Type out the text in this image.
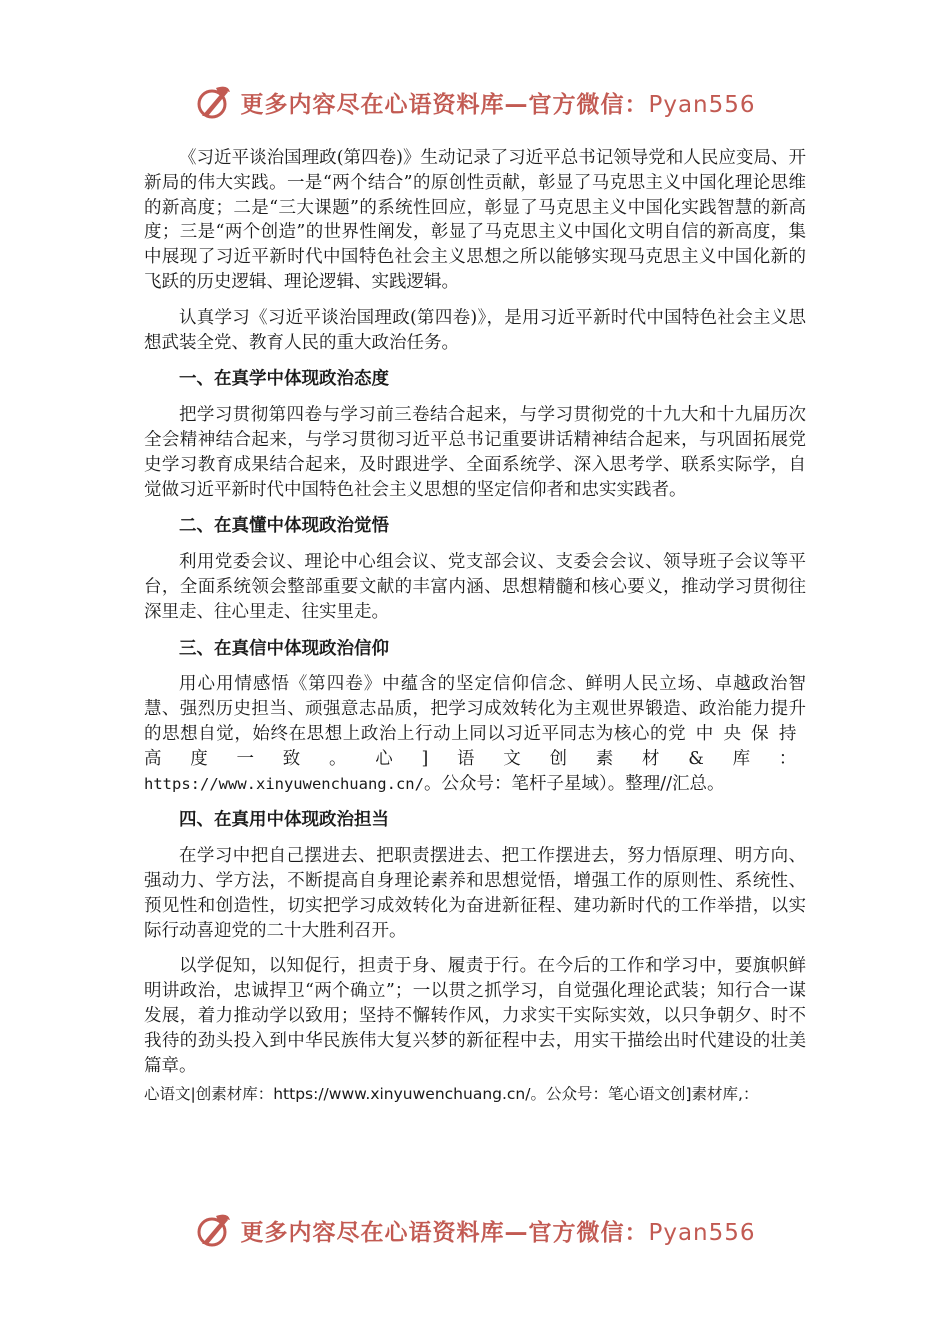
更多内容尽在心语资料库—官方微信：Pyan556

《习近平谈治国理政(第四卷)》生动记录了习近平总书记领导党和人民应变局、开新局的伟大实践。一是“两个结合”的原创性贡献，彰显了马克思主义中国化理论思维的新高度；二是“三大课题”的系统性回应，彰显了马克思主义中国化实践智慧的新高度；三是“两个创造”的世界性阐发，彰显了马克思主义中国化文明自信的新高度，集中展现了习近平新时代中国特色社会主义思想之所以能够实现马克思主义中国化新的飞跃的历史逻辑、理论逻辑、实践逻辑。

认真学习《习近平谈治国理政(第四卷)》，是用习近平新时代中国特色社会主义思想武装全党、教育人民的重大政治任务。

一、在真学中体现政治态度

把学习贯彻第四卷与学习前三卷结合起来，与学习贯彻党的十九大和十九届历次全会精神结合起来，与学习贯彻习近平总书记重要讲话精神结合起来，与巩固拓展党史学习教育成果结合起来，及时跟进学、全面系统学、深入思考学、联系实际学，自觉做习近平新时代中国特色社会主义思想的坚定信仰者和忠实实践者。

二、在真懂中体现政治觉悟

利用党委会议、理论中心组会议、党支部会议、支委会会议、领导班子会议等平台，全面系统领会整部重要文献的丰富内涵、思想精髓和核心要义，推动学习贯彻往深里走、往心里走、往实里走。

三、在真信中体现政治信仰

用心用情感悟《第四卷》中蕴含的坚定信仰信念、鲜明人民立场、卓越政治智慧、强烈历史担当、顽强意志品质，把学习成效转化为主观世界锻造、政治能力提升的思想自觉，始终在思想上政治上行动上同以习近平同志为核心的党中央保持高度一致。心]语文创素材&库：https://www.xinyuwenchuang.cn/。公众号：笔杆子星域）。整理//汇总。

四、在真用中体现政治担当

在学习中把自己摆进去、把职责摆进去、把工作摆进去，努力悟原理、明方向、强动力、学方法，不断提高自身理论素养和思想觉悟，增强工作的原则性、系统性、预见性和创造性，切实把学习成效转化为奋进新征程、建功新时代的工作举措，以实际行动喜迎党的二十大胜利召开。

以学促知，以知促行，担责于身、履责于行。在今后的工作和学习中，要旗帜鲜明讲政治，忠诚捍卫“两个确立”；一以贯之抓学习，自觉强化理论武装；知行合一谋发展，着力推动学以致用；坚持不懈转作风，力求实干实际实效，以只争朝夕、时不我待的劲头投入到中华民族伟大复兴梦的新征程中去，用实干描绘出时代建设的壮美篇章。

心语文|创素材库：https://www.xinyuwenchuang.cn/。公众号：笔心语文创]素材库,：

更多内容尽在心语资料库—官方微信：Pyan556
